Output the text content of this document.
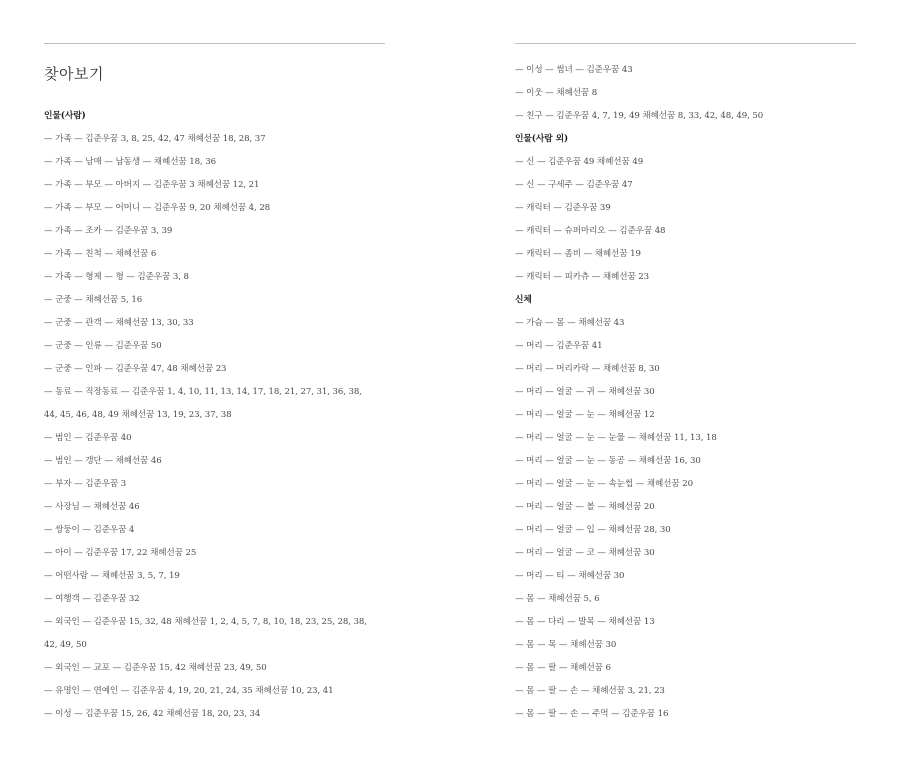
찾아보기
인물(사람)
— 가족 — 김준우꿈 3, 8, 25, 42, 47 채혜선꿈 18, 28, 37
— 가족 — 남매 — 남동생 — 채혜선꿈 18, 36
— 가족 — 부모 — 아버지 — 김준우꿈 3 채혜선꿈 12, 21
— 가족 — 부모 — 어머니 — 김준우꿈 9, 20 채혜선꿈 4, 28
— 가족 — 조카 — 김준우꿈 3, 39
— 가족 — 친척 — 채혜선꿈 6
— 가족 — 형제 — 형 — 김준우꿈 3, 8
— 군중 — 채혜선꿈 5, 16
— 군중 — 관객 — 채혜선꿈 13, 30, 33
— 군중 — 인류 — 김준우꿈 50
— 군중 — 인파 — 김준우꿈 47, 48 채혜선꿈 23
— 동료 — 직장동료 — 김준우꿈 1, 4, 10, 11, 13, 14, 17, 18, 21, 27, 31, 36, 38,
44, 45, 46, 48, 49 채혜선꿈 13, 19, 23, 37, 38
— 범인 — 김준우꿈 40
— 범인 — 갱단 — 채혜선꿈 46
— 부자 — 김준우꿈 3
— 사장님 — 채혜선꿈 46
— 쌍둥이 — 김준우꿈 4
— 아이 — 김준우꿈 17, 22 채혜선꿈 25
— 어떤사람 — 채혜선꿈 3, 5, 7, 19
— 여행객 — 김준우꿈 32
— 외국인 — 김준우꿈 15, 32, 48 채혜선꿈 1, 2, 4, 5, 7, 8, 10, 18, 23, 25, 28, 38,
42, 49, 50
— 외국인 — 교포 — 김준우꿈 15, 42 채혜선꿈 23, 49, 50
— 유명인 — 연예인 — 김준우꿈 4, 19, 20, 21, 24, 35 채혜선꿈 10, 23, 41
— 이성 — 김준우꿈 15, 26, 42 채혜선꿈 18, 20, 23, 34
— 이성 — 썸녀 — 김준우꿈 43
— 이웃 — 채혜선꿈 8
— 친구 — 김준우꿈 4, 7, 19, 49 채혜선꿈 8, 33, 42, 48, 49, 50
인물(사람 외)
— 신 — 김준우꿈 49 채혜선꿈 49
— 신 — 구세주 — 김준우꿈 47
— 캐릭터 — 김준우꿈 39
— 캐릭터 — 슈퍼마리오 — 김준우꿈 48
— 캐릭터 — 좀비 — 채혜선꿈 19
— 캐릭터 — 피카츄 — 채혜선꿈 23
신체
— 가슴 — 몸 — 채혜선꿈 43
— 머리 — 김준우꿈 41
— 머리 — 머리카락 — 채혜선꿈 8, 30
— 머리 — 얼굴 — 귀 — 채혜선꿈 30
— 머리 — 얼굴 — 눈 — 채혜선꿈 12
— 머리 — 얼굴 — 눈 — 눈물 — 채혜선꿈 11, 13, 18
— 머리 — 얼굴 — 눈 — 동공 — 채혜선꿈 16, 30
— 머리 — 얼굴 — 눈 — 속눈썹 — 채혜선꿈 20
— 머리 — 얼굴 — 볼 — 채혜선꿈 20
— 머리 — 얼굴 — 입 — 채혜선꿈 28, 30
— 머리 — 얼굴 — 코 — 채혜선꿈 30
— 머리 — 티 — 채혜선꿈 30
— 몸 — 채혜선꿈 5, 6
— 몸 — 다리 — 발목 — 채혜선꿈 13
— 몸 — 목 — 채혜선꿈 30
— 몸 — 팔 — 채혜선꿈 6
— 몸 — 팔 — 손 — 채혜선꿈 3, 21, 23
— 몸 — 팔 — 손 — 주먹 — 김준우꿈 16
